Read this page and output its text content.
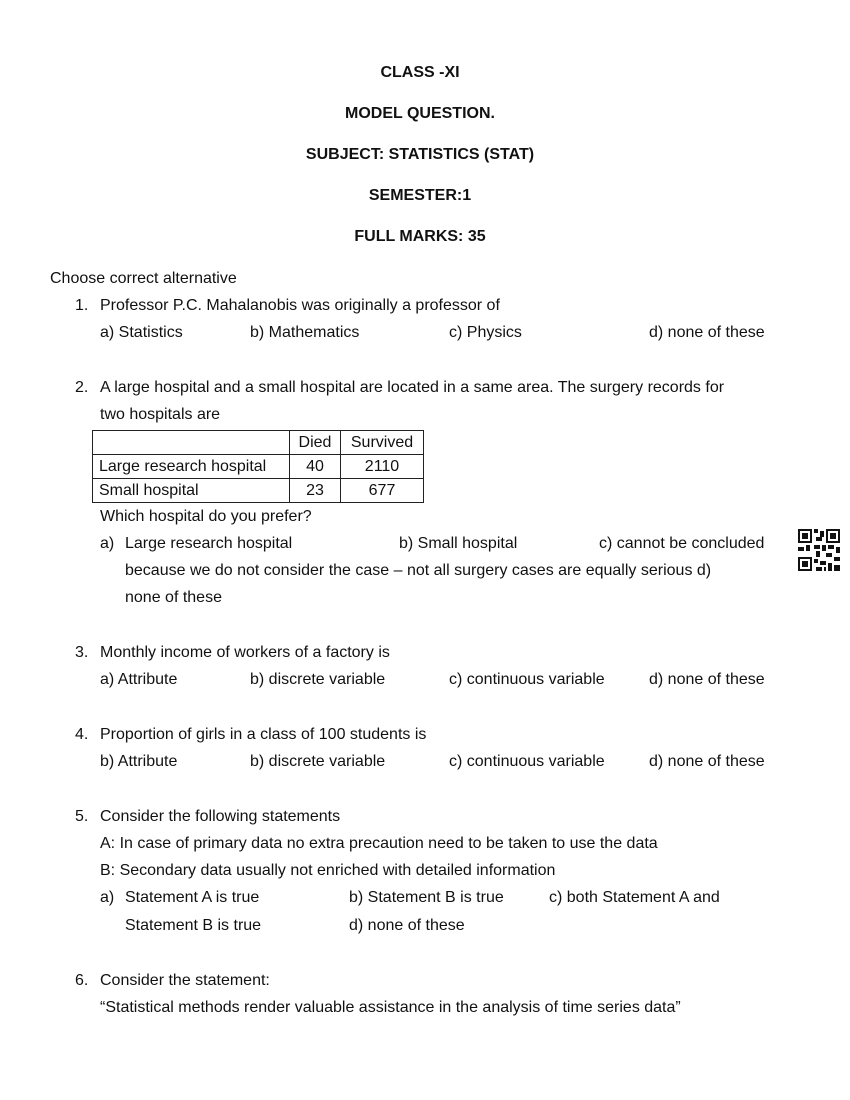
CLASS -XI
MODEL QUESTION.
SUBJECT: STATISTICS (STAT)
SEMESTER:1
FULL MARKS: 35
Choose correct alternative
1. Professor P.C. Mahalanobis was originally a professor of
a) Statistics	b) Mathematics	c) Physics	d) none of these
2. A large hospital and a small hospital are located in a same area. The surgery records for
two hospitals are
	Died	Survived
Large research hospital	40	2110
Small hospital	23	677
Which hospital do you prefer?
a) Large research hospital	b) Small hospital	c) cannot be concluded
because we do not consider the case – not all surgery cases are equally serious d)
none of these
3. Monthly income of workers of a factory is
a) Attribute	b) discrete variable	c) continuous variable	d) none of these
4. Proportion of girls in a class of 100 students is
b) Attribute	b) discrete variable	c) continuous variable	d) none of these
5. Consider the following statements
A: In case of primary data no extra precaution need to be taken to use the data
B: Secondary data usually not enriched with detailed information
a) Statement A is true	b) Statement B is true	c) both Statement A and
Statement B is true	d) none of these
6. Consider the statement:
“Statistical methods render valuable assistance in the analysis of time series data”
